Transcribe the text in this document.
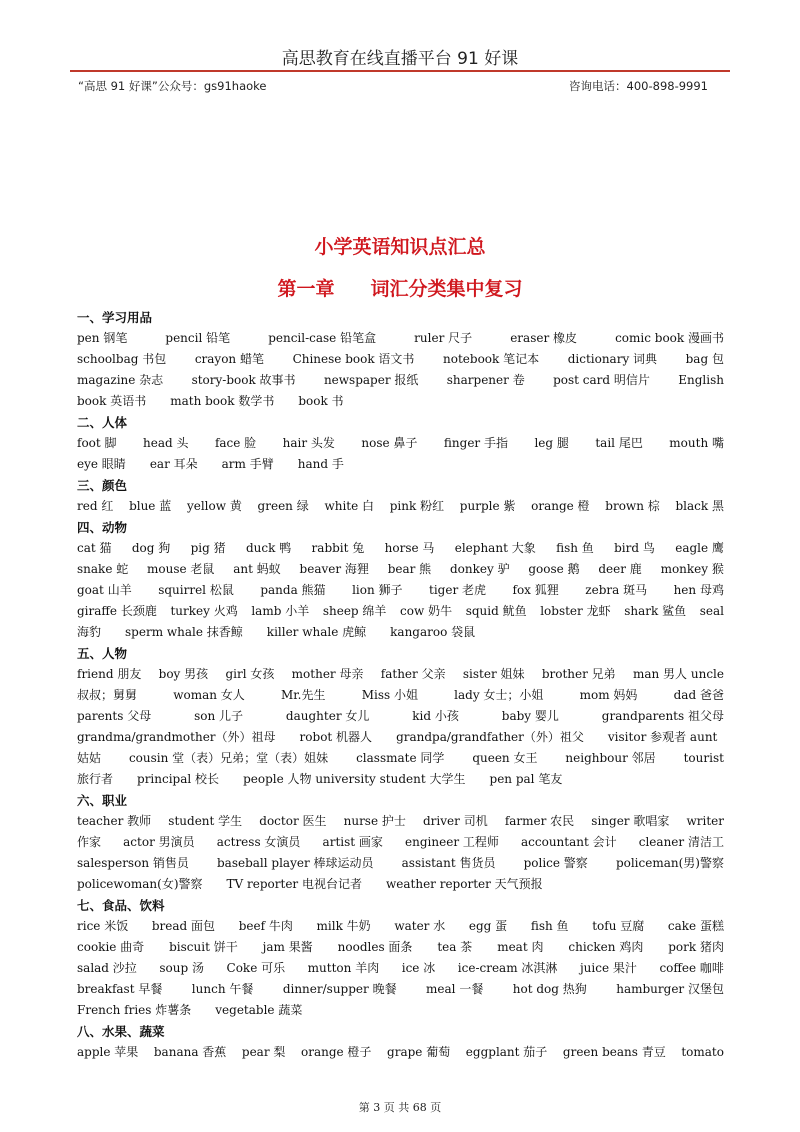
高思教育在线直播平台 91 好课
“高思 91 好课”公众号：gs91haoke	咨询电话：400-898-9991
小学英语知识点汇总
第一章 词汇分类集中复习
一、学习用品
pen 钢笔	pencil 铅笔	pencil-case 铅笔盒	ruler 尺子	eraser 橡皮	comic book 漫画书
schoolbag 书包 crayon 蜡笔 Chinese book 语文书 notebook 笔记本 dictionary 词典 bag 包
magazine 杂志 story-book 故事书 newspaper 报纸 sharpener 卷 post card 明信片 English
book 英语书 math book 数学书 book 书
二、人体
foot 脚 head 头 face 脸 hair 头发 nose 鼻子 finger 手指 leg 腿 tail 尾巴 mouth 嘴
eye 眼睛 ear 耳朵 arm 手臂 hand 手
三、颜色
red 红 blue 蓝 yellow 黄 green 绿 white 白 pink 粉红 purple 紫 orange 橙 brown 棕 black 黑
四、动物
cat 猫 dog 狗 pig 猪 duck 鸭 rabbit 兔 horse 马 elephant 大象 fish 鱼 bird 鸟 eagle 鹰
snake 蛇 mouse 老鼠 ant 蚂蚁 beaver 海狸 bear 熊 donkey 驴 goose 鹅 deer 鹿 monkey 猴
goat 山羊 squirrel 松鼠 panda 熊猫 lion 狮子 tiger 老虎 fox 狐狸 zebra 斑马 hen 母鸡
giraffe 长颈鹿 turkey 火鸡 lamb 小羊 sheep 绵羊 cow 奶牛 squid 鱿鱼 lobster 龙虾 shark 鲨鱼 seal
海豹 sperm whale 抹香鲸 killer whale 虎鲸 kangaroo 袋鼠
五、人物
friend 朋友 boy 男孩 girl 女孩 mother 母亲 father 父亲 sister 姐妹 brother 兄弟 man 男人 uncle
叔叔；舅舅	woman 女人	Mr.先生	Miss 小姐	lady 女士；小姐	mom 妈妈	dad 爸爸
parents 父母	son 儿子	daughter 女儿	kid 小孩	baby 婴儿	grandparents 祖父母
grandma/grandmother（外）祖母 robot 机器人 grandpa/grandfather（外）祖父 visitor 参观者 aunt
姑姑 cousin 堂（表）兄弟；堂（表）姐妹 classmate 同学 queen 女王 neighbour 邻居 tourist
旅行者 principal 校长 people 人物 university student 大学生 pen pal 笔友
六、职业
teacher 教师 student 学生 doctor 医生 nurse 护士 driver 司机 farmer 农民 singer 歌唱家 writer
作家 actor 男演员 actress 女演员 artist 画家 engineer 工程师 accountant 会计 cleaner 清洁工
salesperson 销售员 baseball player 棒球运动员 assistant 售货员 police 警察 policeman(男)警察
policewoman(女)警察 TV reporter 电视台记者 weather reporter 天气预报
七、食品、饮料
rice 米饭 bread 面包 beef 牛肉 milk 牛奶 water 水 egg 蛋 fish 鱼 tofu 豆腐 cake 蛋糕
cookie 曲奇 biscuit 饼干 jam 果酱 noodles 面条 tea 茶 meat 肉 chicken 鸡肉 pork 猪肉
salad 沙拉 soup 汤 Coke 可乐 mutton 羊肉 ice 冰 ice-cream 冰淇淋 juice 果汁 coffee 咖啡
breakfast 早餐 lunch 午餐 dinner/supper 晚餐 meal 一餐 hot dog 热狗 hamburger 汉堡包
French fries 炸薯条 vegetable 蔬菜
八、水果、蔬菜
apple 苹果 banana 香蕉 pear 梨 orange 橙子 grape 葡萄 eggplant 茄子 green beans 青豆 tomato
第 3 页 共 68 页
